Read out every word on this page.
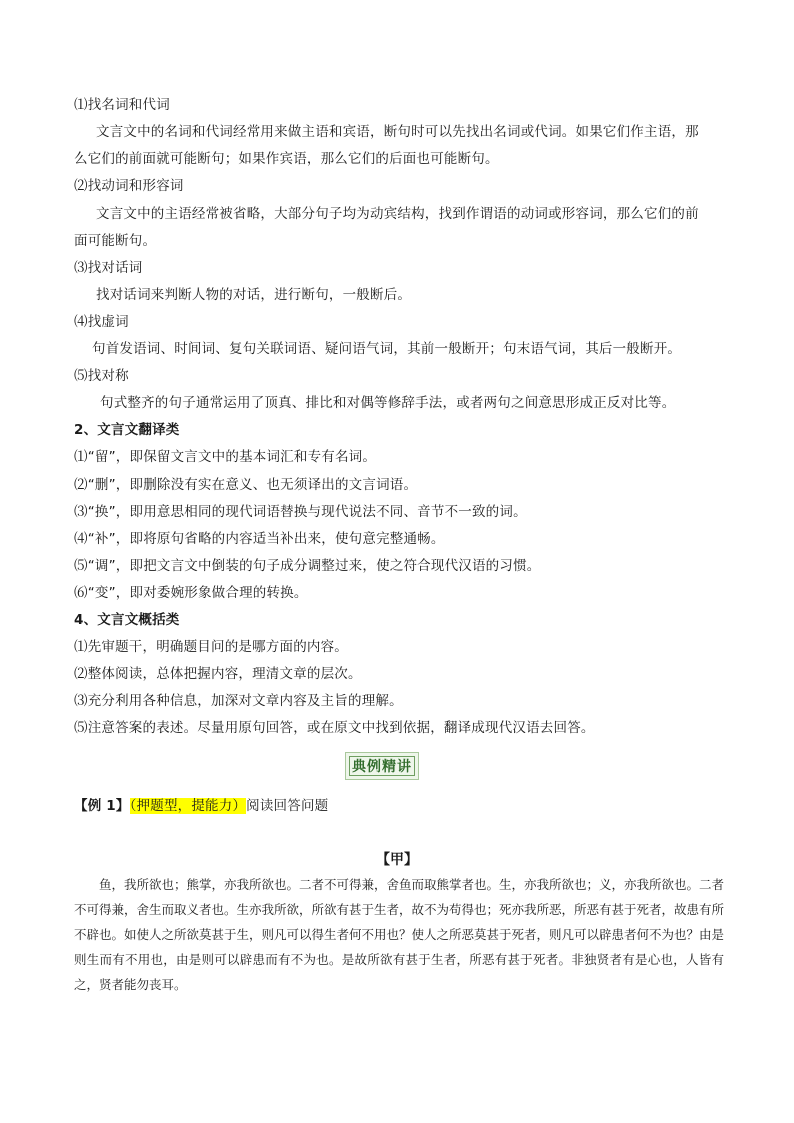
⑴找名词和代词
文言文中的名词和代词经常用来做主语和宾语，断句时可以先找出名词或代词。如果它们作主语，那
么它们的前面就可能断句；如果作宾语，那么它们的后面也可能断句。
⑵找动词和形容词
文言文中的主语经常被省略，大部分句子均为动宾结构，找到作谓语的动词或形容词，那么它们的前
面可能断句。
⑶找对话词
找对话词来判断人物的对话，进行断句，一般断后。
⑷找虚词
句首发语词、时间词、复句关联词语、疑问语气词，其前一般断开；句末语气词，其后一般断开。
⑸找对称
句式整齐的句子通常运用了顶真、排比和对偶等修辞手法，或者两句之间意思形成正反对比等。
2、文言文翻译类
⑴“留”，即保留文言文中的基本词汇和专有名词。
⑵“删”，即删除没有实在意义、也无须译出的文言词语。
⑶“换”，即用意思相同的现代词语替换与现代说法不同、音节不一致的词。
⑷“补”，即将原句省略的内容适当补出来，使句意完整通畅。
⑸“调”，即把文言文中倒装的句子成分调整过来，使之符合现代汉语的习惯。
⑹“变”，即对委婉形象做合理的转换。
4、文言文概括类
⑴先审题干，明确题目问的是哪方面的内容。
⑵整体阅读，总体把握内容，理清文章的层次。
⑶充分利用各种信息，加深对文章内容及主旨的理解。
⑸注意答案的表述。尽量用原句回答，或在原文中找到依据，翻译成现代汉语去回答。
典例精讲
【例 1】（押题型，提能力）阅读回答问题
【甲】
鱼，我所欲也；熊掌，亦我所欲也。二者不可得兼，舍鱼而取熊掌者也。生，亦我所欲也；义，亦我所欲也。二者不可得兼，舍生而取义者也。生亦我所欲，所欲有甚于生者，故不为苟得也；死亦我所恶，所恶有甚于死者，故患有所不辟也。如使人之所欲莫甚于生，则凡可以得生者何不用也？使人之所恶莫甚于死者，则凡可以辟患者何不为也？由是则生而有不用也，由是则可以辟患而有不为也。是故所欲有甚于生者，所恶有甚于死者。非独贤者有是心也，人皆有之，贤者能勿丧耳。
